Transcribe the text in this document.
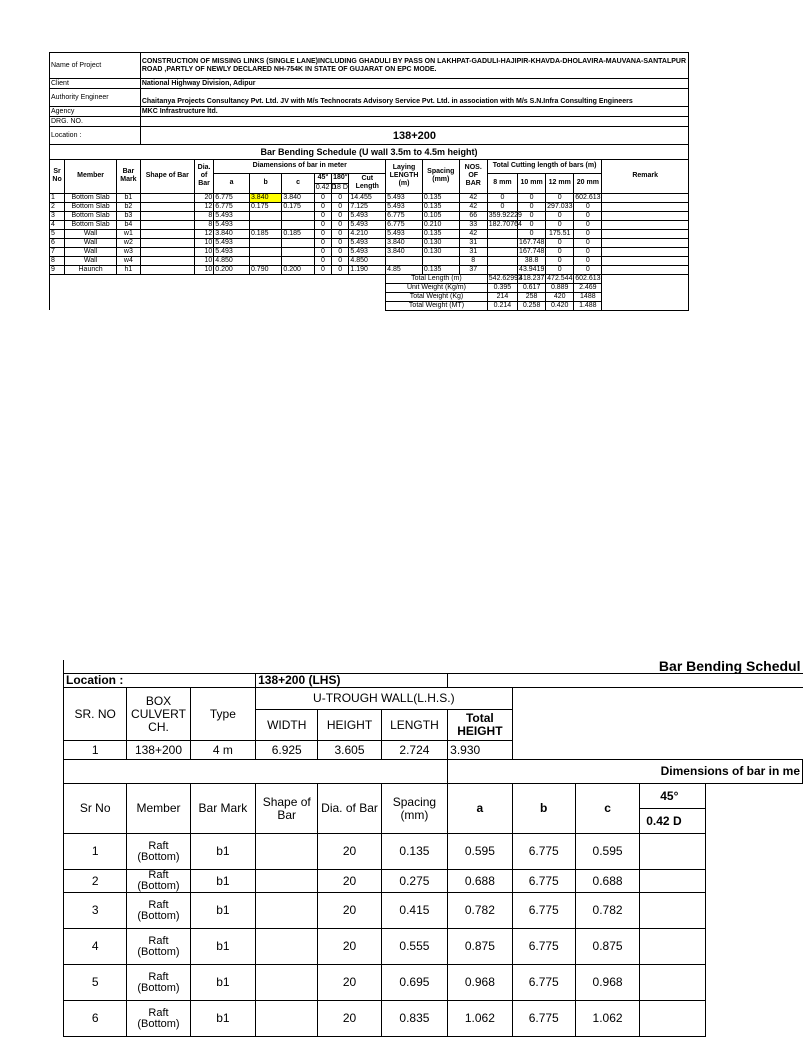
Name of Project	CONSTRUCTION OF MISSING LINKS (SINGLE LANE)INCLUDING GHADULI BY PASS ON LAKHPAT-GADULI-HAJIPIR-KHAVDA-DHOLAVIRA-MAUVANA-SANTALPUR ROAD ,PARTLY OF NEWLY DECLARED NH-754K IN STATE OF GUJARAT ON EPC MODE.
Client	National Highway Division, Adipur
Authority Engineer	Chaitanya Projects Consultancy Pvt. Ltd. JV with M/s Technocrats Advisory Service Pvt. Ltd. in association with M/s S.N.Infra Consulting Engineers
Agency	MKC Infrastructure ltd.
DRG. NO.	
Location :	138+200
Bar Bending Schedule (U wall 3.5m to 4.5m height)	
Sr No	Member	Bar Mark	Shape of Bar	Dia. of Bar	Diamensions of bar in meter						Laying LENGTH (m)	Spacing (mm)	NOS. OF BAR	Total Cutting length of bars (m)				Remark
					a	b	c	45°	180°	Cut Length				8 mm	10 mm	12 mm	20 mm	
								0.42 D	18 D									
1	Bottom Slab	b1		20	6.775	3.840	3.840	0	0	14.455	5.493	0.135	42	0	0	0	602.613	
2	Bottom Slab	b2		12	6.775	0.175	0.175	0	0	7.125	5.493	0.135	42	0	0	297.033	0	
3	Bottom Slab	b3		8	5.493			0	0	5.493	6.775	0.105	66	359.92229	0	0	0	
4	Bottom Slab	b4		8	5.493			0	0	5.493	6.775	0.210	33	182.70764	0	0	0	
5	Wall	w1		12	3.840	0.185	0.185	0	0	4.210	5.493	0.135	42		0	175.51	0	
6	Wall	w2		10	5.493			0	0	5.493	3.840	0.130	31		167.748	0	0	
7	Wall	w3		10	5.493			0	0	5.493	3.840	0.130	31		167.748	0	0	
8	Wall	w4		10	4.850			0	0	4.850			8		38.8	0	0	
9	Haunch	h1		10	0.200	0.790	0.200	0	0	1.190	4.85	0.135	37		43.9419	0	0	
											Total Length (m)			542.62993	418.237	472.544	602.613	
											Unit Weight (Kg/m)			0.395	0.617	0.889	2.469	
											Total Weight (Kg)			214	258	420	1488	
											Total Weight (MT)			0.214	0.258	0.420	1.488	
Bar Bending Schedul										
Location :			138+200 (LHS)							
SR. NO	BOX CULVERT CH.	Type	U-TROUGH WALL(L.H.S.)							
			WIDTH	HEIGHT	LENGTH	Total HEIGHT				
1	138+200	4 m	6.925	3.605	2.724	3.930				
						Dimensions of bar in me				
Sr No	Member	Bar Mark	Shape of Bar	Dia. of Bar	Spacing (mm)	a	b	c	45°	
									0.42 D	
1	Raft (Bottom)	b1		20	0.135	0.595	6.775	0.595		
2	Raft (Bottom)	b1		20	0.275	0.688	6.775	0.688		
3	Raft (Bottom)	b1		20	0.415	0.782	6.775	0.782		
4	Raft (Bottom)	b1		20	0.555	0.875	6.775	0.875		
5	Raft (Bottom)	b1		20	0.695	0.968	6.775	0.968		
6	Raft (Bottom)	b1		20	0.835	1.062	6.775	1.062		
